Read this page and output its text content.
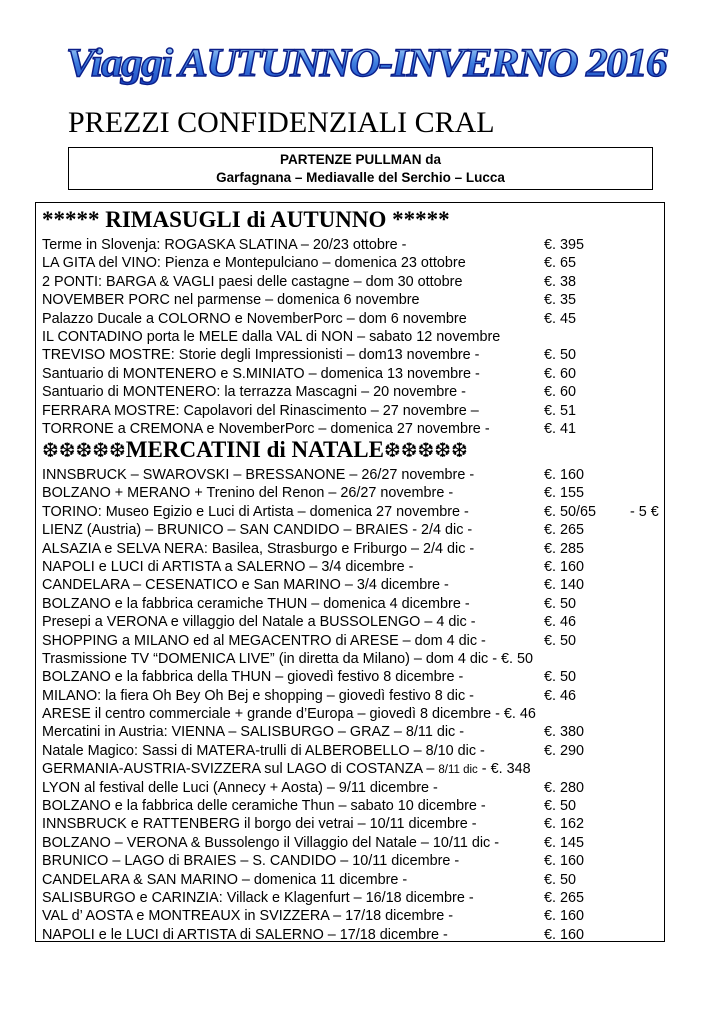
Viaggi AUTUNNO-INVERNO 2016
PREZZI CONFIDENZIALI CRAL
PARTENZE PULLMAN da
Garfagnana – Mediavalle del Serchio – Lucca
***** RIMASUGLI di AUTUNNO *****
Terme in Slovenja: ROGASKA SLATINA – 20/23 ottobre -	€. 395
LA GITA del VINO: Pienza e Montepulciano – domenica 23 ottobre	€. 65
2 PONTI: BARGA & VAGLI paesi delle castagne – dom 30 ottobre	€. 38
NOVEMBER PORC nel parmense – domenica 6 novembre	€. 35
Palazzo Ducale a COLORNO e NovemberPorc – dom 6 novembre	€. 45
IL CONTADINO porta le MELE dalla VAL di NON – sabato 12 novembre
TREVISO MOSTRE: Storie degli Impressionisti – dom13 novembre -	€. 50
Santuario di MONTENERO e S.MINIATO – domenica 13 novembre -	€. 60
Santuario di MONTENERO: la terrazza Mascagni – 20 novembre -	€. 60
FERRARA MOSTRE: Capolavori del Rinascimento – 27 novembre –	€. 51
TORRONE a CREMONA e NovemberPorc – domenica 27 novembre -	€. 41
❆❆❆❆❆MERCATINI di NATALE❆❆❆❆❆
INNSBRUCK – SWAROVSKI – BRESSANONE – 26/27 novembre -	€. 160
BOLZANO + MERANO + Trenino del Renon – 26/27 novembre -	€. 155
TORINO: Museo Egizio e Luci di Artista – domenica 27 novembre -	€. 50/65 - 5 €
LIENZ (Austria) – BRUNICO – SAN CANDIDO – BRAIES - 2/4 dic -	€. 265
ALSAZIA e SELVA NERA: Basilea, Strasburgo e Friburgo – 2/4 dic -	€. 285
NAPOLI e LUCI di ARTISTA a SALERNO – 3/4 dicembre -	€. 160
CANDELARA – CESENATICO e San MARINO – 3/4 dicembre -	€. 140
BOLZANO e la fabbrica ceramiche THUN – domenica 4 dicembre -	€. 50
Presepi a VERONA e villaggio del Natale a BUSSOLENGO – 4 dic -	€. 46
SHOPPING a MILANO ed al MEGACENTRO di ARESE – dom 4 dic -	€. 50
Trasmissione TV “DOMENICA LIVE” (in diretta da Milano) – dom 4 dic - €. 50
BOLZANO e la fabbrica della THUN – giovedì festivo 8 dicembre -	€. 50
MILANO: la fiera Oh Bey Oh Bej e shopping – giovedì festivo 8 dic -	€. 46
ARESE il centro commerciale + grande d’Europa – giovedì 8 dicembre - €. 46
Mercatini in Austria: VIENNA – SALISBURGO – GRAZ – 8/11 dic -	€. 380
Natale Magico: Sassi di MATERA-trulli di ALBEROBELLO – 8/10 dic -	€. 290
GERMANIA-AUSTRIA-SVIZZERA sul LAGO di COSTANZA – 8/11 dic - €. 348
LYON al festival delle Luci (Annecy + Aosta) – 9/11 dicembre -	€. 280
BOLZANO e la fabbrica delle ceramiche Thun – sabato 10 dicembre -	€. 50
INNSBRUCK e RATTENBERG il borgo dei vetrai – 10/11 dicembre -	€. 162
BOLZANO – VERONA & Bussolengo il Villaggio del Natale – 10/11 dic -	€. 145
BRUNICO – LAGO di BRAIES – S. CANDIDO – 10/11 dicembre -	€. 160
CANDELARA & SAN MARINO – domenica 11 dicembre -	€. 50
SALISBURGO e CARINZIA: Villack e Klagenfurt – 16/18 dicembre -	€. 265
VAL d’ AOSTA e MONTREAUX in SVIZZERA – 17/18 dicembre -	€. 160
NAPOLI e le LUCI di ARTISTA di SALERNO – 17/18 dicembre -	€. 160
